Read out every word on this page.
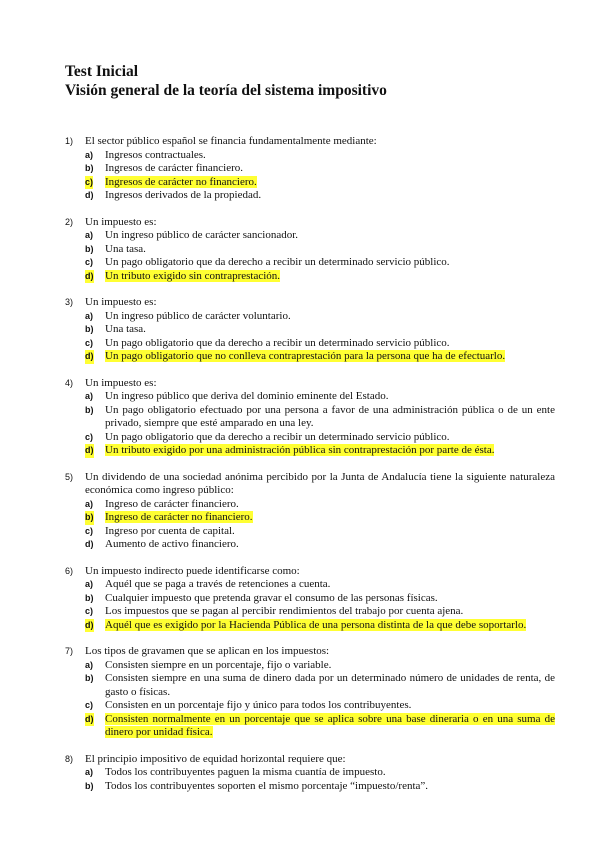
Test Inicial
Visión general de la teoría del sistema impositivo
1) El sector público español se financia fundamentalmente mediante:
a) Ingresos contractuales.
b) Ingresos de carácter financiero.
c) Ingresos de carácter no financiero.
d) Ingresos derivados de la propiedad.
2) Un impuesto es:
a) Un ingreso público de carácter sancionador.
b) Una tasa.
c) Un pago obligatorio que da derecho a recibir un determinado servicio público.
d) Un tributo exigido sin contraprestación.
3) Un impuesto es:
a) Un ingreso público de carácter voluntario.
b) Una tasa.
c) Un pago obligatorio que da derecho a recibir un determinado servicio público.
d) Un pago obligatorio que no conlleva contraprestación para la persona que ha de efectuarlo.
4) Un impuesto es:
a) Un ingreso público que deriva del dominio eminente del Estado.
b) Un pago obligatorio efectuado por una persona a favor de una administración pública o de un ente privado, siempre que esté amparado en una ley.
c) Un pago obligatorio que da derecho a recibir un determinado servicio público.
d) Un tributo exigido por una administración pública sin contraprestación por parte de ésta.
5) Un dividendo de una sociedad anónima percibido por la Junta de Andalucía tiene la siguiente naturaleza económica como ingreso público:
a) Ingreso de carácter financiero.
b) Ingreso de carácter no financiero.
c) Ingreso por cuenta de capital.
d) Aumento de activo financiero.
6) Un impuesto indirecto puede identificarse como:
a) Aquél que se paga a través de retenciones a cuenta.
b) Cualquier impuesto que pretenda gravar el consumo de las personas físicas.
c) Los impuestos que se pagan al percibir rendimientos del trabajo por cuenta ajena.
d) Aquél que es exigido por la Hacienda Pública de una persona distinta de la que debe soportarlo.
7) Los tipos de gravamen que se aplican en los impuestos:
a) Consisten siempre en un porcentaje, fijo o variable.
b) Consisten siempre en una suma de dinero dada por un determinado número de unidades de renta, de gasto o físicas.
c) Consisten en un porcentaje fijo y único para todos los contribuyentes.
d) Consisten normalmente en un porcentaje que se aplica sobre una base dineraria o en una suma de dinero por unidad física.
8) El principio impositivo de equidad horizontal requiere que:
a) Todos los contribuyentes paguen la misma cuantía de impuesto.
b) Todos los contribuyentes soporten el mismo porcentaje “impuesto/renta”.
